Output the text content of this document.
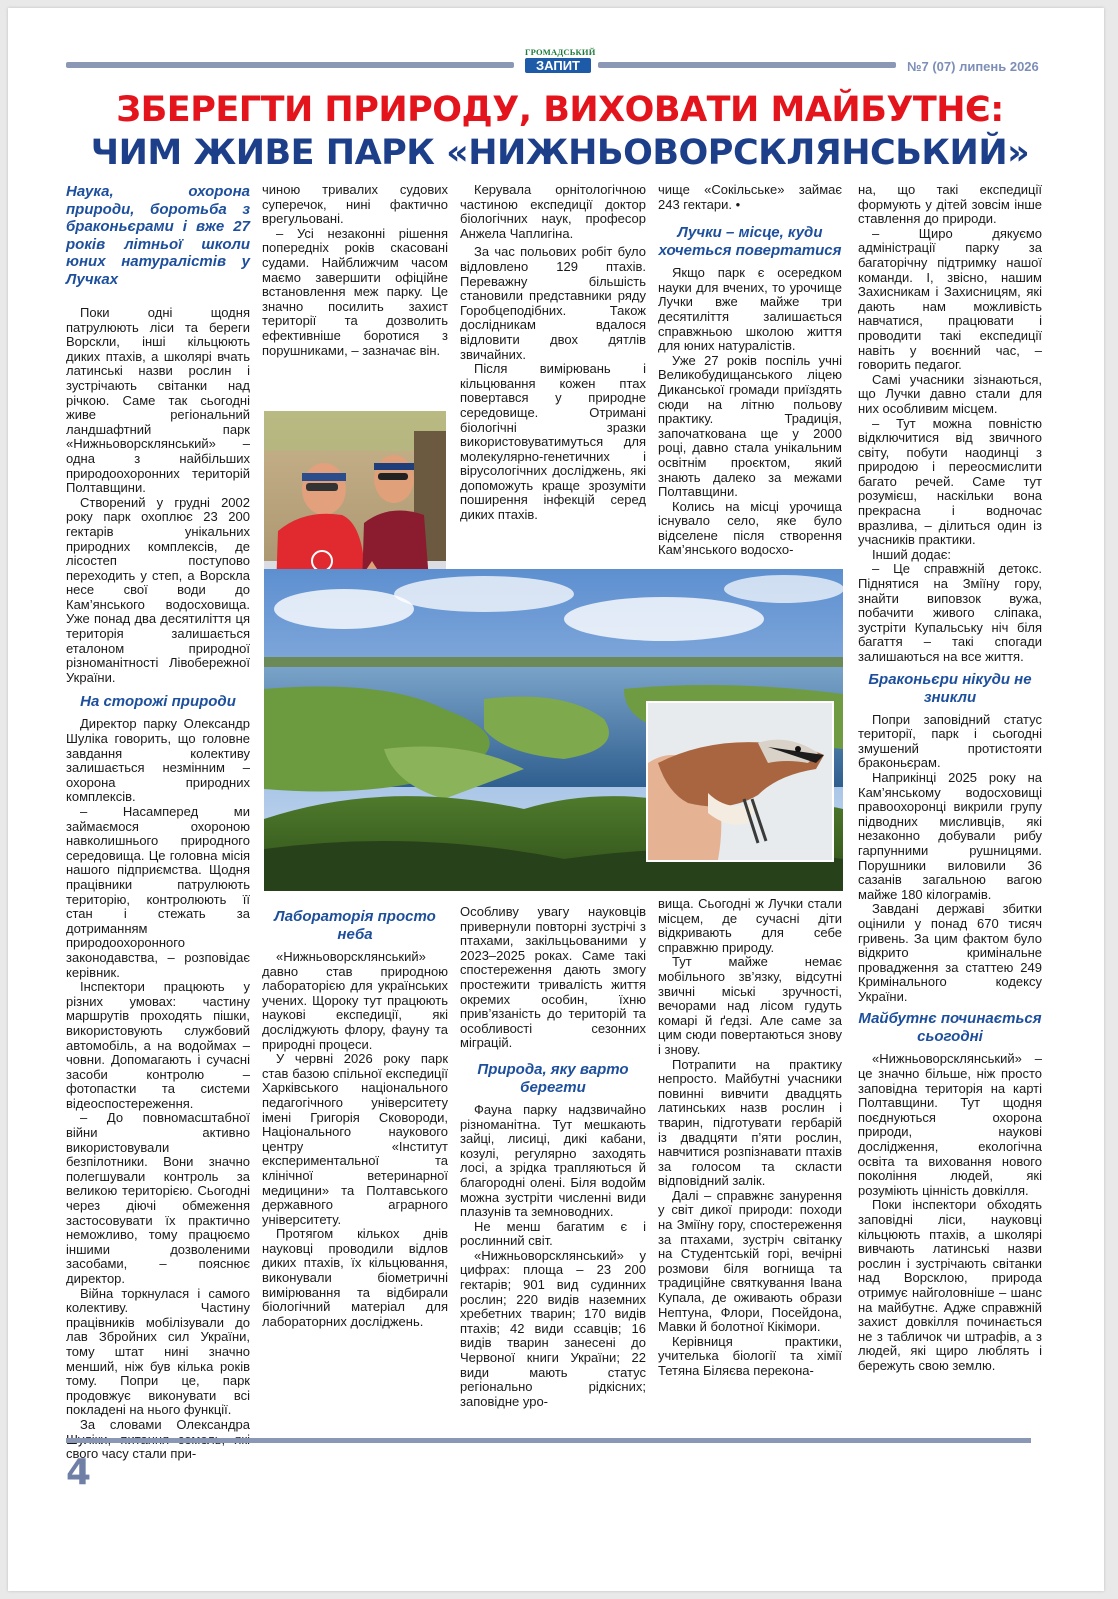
ГРОМАДСЬКИЙ
ЗАПИТ	№7 (07) липень 2026
ЗБЕРЕГТИ ПРИРОДУ, ВИХОВАТИ МАЙБУТНЄ:
ЧИМ ЖИВЕ ПАРК «НИЖНЬОВОРСКЛЯНСЬКИЙ»

Наука, охорона природи, боротьба з браконьєрами і вже 27 років літньої школи юних натуралістів у Лучках

Поки одні щодня патрулюють ліси та береги Ворскли, інші кільцюють диких птахів, а школярі вчать латинські назви рослин і зустрічають світанки над річкою. Саме так сьогодні живе регіональний ландшафтний парк «Нижньоворсклянський» – одна з найбільших природоохоронних територій Полтавщини.

Створений у грудні 2002 року парк охоплює 23 200 гектарів унікальних природних комплексів, де лісостеп поступово переходить у степ, а Ворскла несе свої води до Кам’янського водосховища. Уже понад два десятиліття ця територія залишається еталоном природної різноманітності Лівобережної України.

На сторожі природи

Директор парку Олександр Шуліка говорить, що головне завдання колективу залишається незмінним – охорона природних комплексів.

– Насамперед ми займаємося охороною навколишнього природного середовища. Це головна місія нашого підприємства. Щодня працівники патрулюють територію, контролюють її стан і стежать за дотриманням природоохоронного законодавства, – розповідає керівник.

Інспектори працюють у різних умовах: частину маршрутів проходять пішки, використовують службовий автомобіль, а на водоймах – човни. Допомагають і сучасні засоби контролю – фотопастки та системи відеоспостереження.

– До повномасштабної війни активно використовували безпілотники. Вони значно полегшували контроль за великою територією. Сьогодні через діючі обмеження застосовувати їх практично неможливо, тому працюємо іншими дозволеними засобами, – пояснює директор.

Війна торкнулася і самого колективу. Частину працівників мобілізували до лав Збройних сил України, тому штат нині значно менший, ніж був кілька років тому. Попри це, парк продовжує виконувати всі покладені на нього функції.

За словами Олександра свого часу стали при-

чиною тривалих судових суперечок, нині фактично врегульовані.

– Усі незаконні рішення попередніх років скасовані судами. Найближчим часом маємо завершити офіційне встановлення меж парку. Це значно посилить захист території та дозволить ефективніше боротися з порушниками, – зазначає він.

Керувала орнітологічною частиною експедиції доктор біологічних наук, професор Анжела Чаплигіна.

За час польових робіт було відловлено 129 птахів. Переважну більшість становили представники ряду Горобцеподібних. Також дослідникам вдалося відловити двох дятлів звичайних.

Після вимірювань і кільцювання кожен птах повертався у природне середовище. Отримані біологічні зразки використовуватимуться для молекулярно-генетичних і вірусологічних досліджень, які допоможуть краще зрозуміти поширення інфекцій серед диких птахів.

чище «Сокільське» займає 243 гектари. •

Лучки – місце, куди хочеться повертатися

Якщо парк є осередком науки для вчених, то урочище Лучки вже майже три десятиліття залишається справжньою школою життя для юних натуралістів.

Уже 27 років поспіль учні Великобудищанського ліцею Диканської громади приїздять сюди на літню польову практику. Традиція, започаткована ще у 2000 році, давно стала унікальним освітнім проєктом, який знають далеко за межами Полтавщини.

Колись на місці урочища існувало село, яке було відселене після створення Кам’янського водосхо-

на, що такі експедиції формують у дітей зовсім інше ставлення до природи.

– Щиро дякуємо адміністрації парку за багаторічну підтримку нашої команди. І, звісно, нашим Захисникам і Захисницям, які дають нам можливість навчатися, працювати і проводити такі експедиції навіть у воєнний час, – говорить педагог.

Самі учасники зізнаються, що Лучки давно стали для них особливим місцем.

– Тут можна повністю відключитися від звичного світу, побути наодинці з природою і переосмислити багато речей. Саме тут розумієш, наскільки вона прекрасна і водночас вразлива, – ділиться один із учасників практики.

Інший додає:

– Це справжній детокс. Піднятися на Зміїну гору, знайти виповзок вужа, побачити живого сліпака, зустріти Купальську ніч біля багаття – такі спогади залишаються на все життя.

Браконьєри нікуди не зникли

Попри заповідний статус території, парк і сьогодні змушений протистояти браконьєрам.

Наприкінці 2025 року на Кам’янському водосховищі правоохоронці викрили групу підводних мисливців, які незаконно добували рибу гарпунними рушницями. Порушники виловили 36 сазанів загальною вагою майже 180 кілограмів.

Завдані державі збитки оцінили у понад 670 тисяч гривень. За цим фактом було відкрито кримінальне провадження за статтею 249 Кримінального кодексу України.

Майбутнє починається сьогодні

«Нижньоворсклянський» – це значно більше, ніж просто заповідна територія на карті Полтавщини. Тут щодня поєднуються охорона природи, наукові дослідження, екологічна освіта та виховання нового покоління людей, які розуміють цінність довкілля.

Поки інспектори обходять заповідні ліси, науковці кільцюють птахів, а школярі вивчають латинські назви рослин і зустрічають світанки над Ворсклою, природа отримує найголовніше – шанс на майбутнє. Адже справжній захист довкілля починається не з табличок чи штрафів, а з людей, які щиро люблять і бережуть свою землю.

Лабораторія просто неба

«Нижньоворсклянський» давно став природною лабораторією для українських учених. Щороку тут працюють наукові експедиції, які досліджують флору, фауну та природні процеси.

У червні 2026 року парк став базою спільної експедиції Харківського національного педагогічного університету імені Григорія Сковороди, Національного наукового центру «Інститут експериментальної та клінічної ветеринарної медицини» та Полтавського державного аграрного університету.

Протягом кількох днів науковці проводили відлов диких птахів, їх кільцювання, виконували біометричні вимірювання та відбирали біологічний матеріал для лабораторних досліджень.

Особливу увагу науковців привернули повторні зустрічі з птахами, закільцьованими у 2023–2025 роках. Саме такі спостереження дають змогу простежити тривалість життя окремих особин, їхню прив’язаність до територій та особливості сезонних міграцій.

Природа, яку варто берегти

Фауна парку надзвичайно різноманітна. Тут мешкають зайці, лисиці, дикі кабани, козулі, регулярно заходять лосі, а зрідка трапляються й благородні олені. Біля водойм можна зустріти численні види плазунів та земноводних.

Не менш багатим є і рослинний світ.

«Нижньоворсклянський» у цифрах: площа – 23 200 гектарів; 901 вид судинних рослин; 220 видів наземних хребетних тварин; 170 видів птахів; 42 види ссавців; 16 видів тварин занесені до Червоної книги України; 22 види мають статус регіонально рідкісних; заповідне уро-

вища. Сьогодні ж Лучки стали місцем, де сучасні діти відкривають для себе справжню природу.

Тут майже немає мобільного зв’язку, відсутні звичні міські зручності, вечорами над лісом гудуть комарі й ґедзі. Але саме за цим сюди повертаються знову і знову.

Потрапити на практику непросто. Майбутні учасники повинні вивчити двадцять латинських назв рослин і тварин, підготувати гербарій із двадцяти п’яти рослин, навчитися розпізнавати птахів за голосом та скласти відповідний залік.

Далі – справжнє занурення у світ дикої природи: походи на Зміїну гору, спостереження за птахами, зустріч світанку на Студентській горі, вечірні розмови біля вогнища та традиційне святкування Івана Купала, де оживають образи Нептуна, Флори, Посейдона, Мавки й болотної Кікімори.

Керівниця практики, учителька біології та хімії Тетяна Біляєва переконa-

4
